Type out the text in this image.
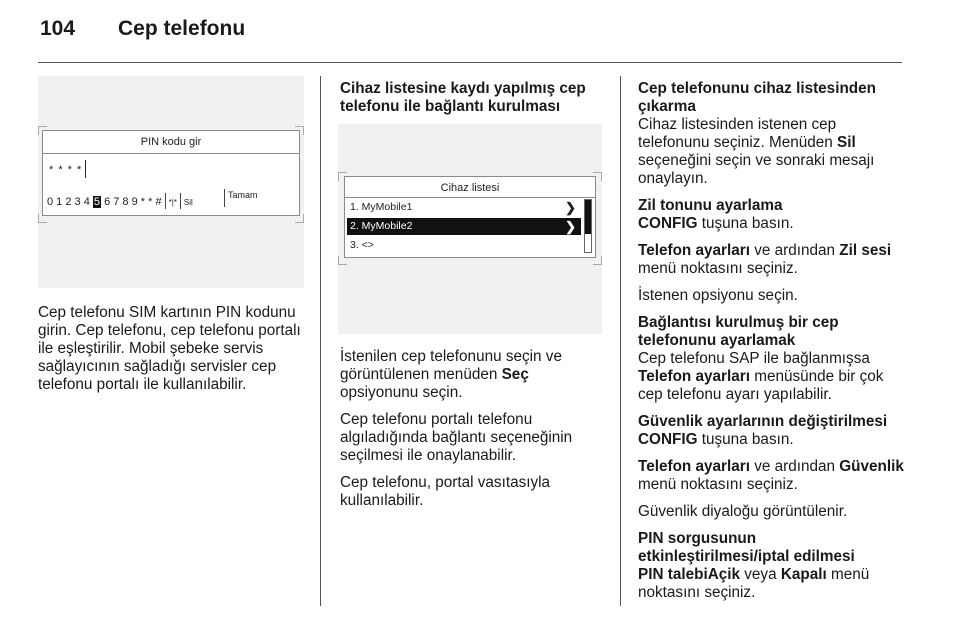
104 Cep telefonu
PIN kodu gir
* * * *
0 1 2 3 4 5 6 7 8 9 * * # *|* Sil
Tamam

Cep telefonu SIM kartının PIN kodunu girin. Cep telefonu, cep telefonu portalı ile eşleştirilir. Mobil şebeke servis sağlayıcının sağladığı servisler cep telefonu portalı ile kullanılabilir.

Cihaz listesine kaydı yapılmış cep telefonu ile bağlantı kurulması
Cihaz listesi
1. MyMobile1	❯
2. MyMobile2	❯
3. <>

İstenilen cep telefonunu seçin ve görüntülenen menüden Seç opsiyonunu seçin.

Cep telefonu portalı telefonu algıladığında bağlantı seçeneğinin seçilmesi ile onaylanabilir.

Cep telefonu, portal vasıtasıyla kullanılabilir.

Cep telefonunu cihaz listesinden çıkarma
Cihaz listesinden istenen cep telefonunu seçiniz. Menüden Sil seçeneğini seçin ve sonraki mesajı onaylayın.

Zil tonunu ayarlama
CONFIG tuşuna basın.

Telefon ayarları ve ardından Zil sesi menü noktasını seçiniz.

İstenen opsiyonu seçin.

Bağlantısı kurulmuş bir cep telefonunu ayarlamak
Cep telefonu SAP ile bağlanmışsa Telefon ayarları menüsünde bir çok cep telefonu ayarı yapılabilir.

Güvenlik ayarlarının değiştirilmesi
CONFIG tuşuna basın.

Telefon ayarları ve ardından Güvenlik menü noktasını seçiniz.

Güvenlik diyaloğu görüntülenir.

PIN sorgusunun etkinleştirilmesi/iptal edilmesi
PIN talebiAçik veya Kapalı menü noktasını seçiniz.
